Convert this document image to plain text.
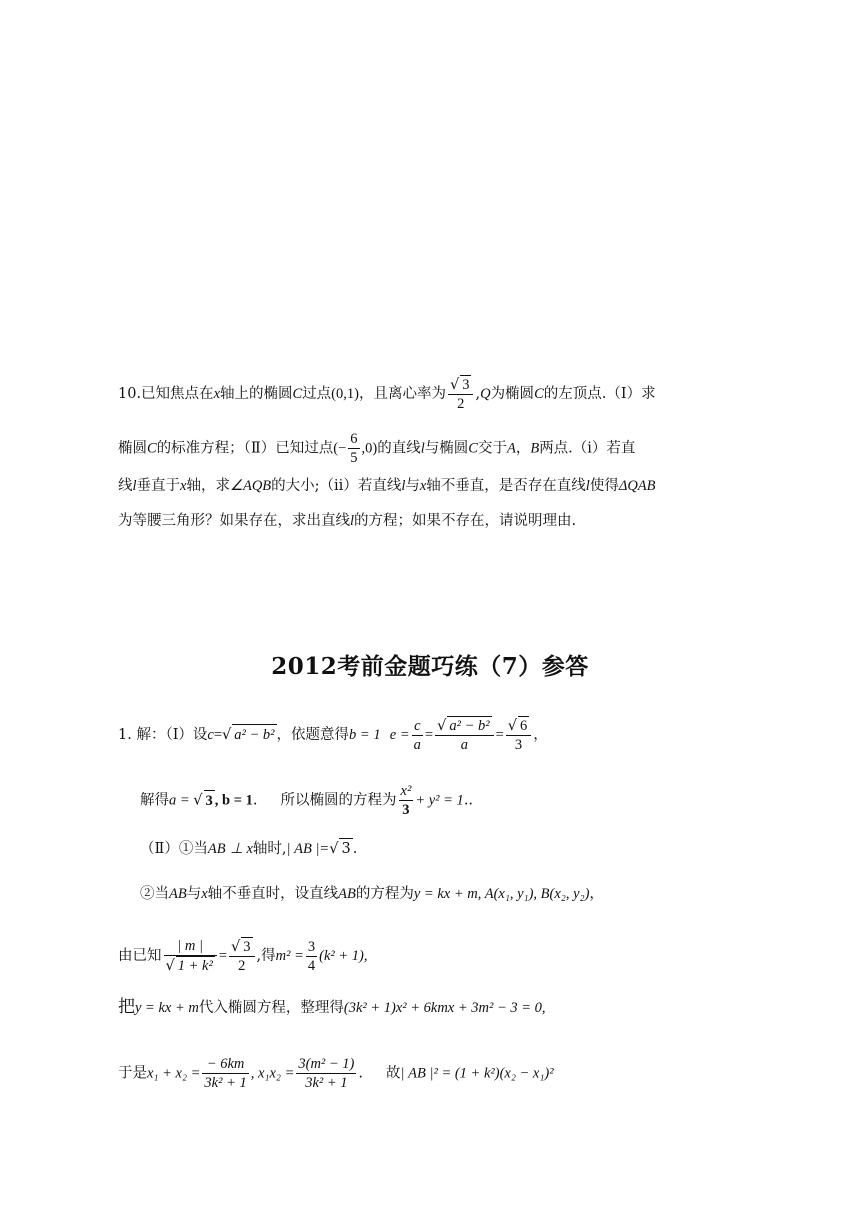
10.已知焦点在x轴上的椭圆C过点(0,1)，且离心率为 $\frac{√ 3}{2} ,Q$为椭圆C的左顶点.（Ⅰ）求
椭圆C的标准方程；（Ⅱ）已知过点(− $\frac{6}{5} ,0$)的直线l与椭圆C交于A，B两点.（ⅰ）若直
线l垂直于x轴，求∠AQB的大小;（ⅱ）若直线l与x轴不垂直，是否存在直线l使得ΔQAB
为等腰三角形？如果存在，求出直线l的方程；如果不存在，请说明理由.
2012考前金题巧练（7）参答
1. 解：（Ⅰ）设c=√ a² − b² ，依题意得b = 1 $e = \frac{c}{a} = \frac{\text{√ a² − b²}}{a} = \frac{√ 6}{3}$ ，
解得a = √ 3 , b = 1. 所以椭圆的方程为 $\frac{\text{x²}}{3} + y^2 = 1$..
（Ⅱ）①当AB ⊥ x轴时,| AB |=√ 3 .
②当AB与x轴不垂直时，设直线AB的方程为y = kx + m, A(x₁, y₁), B(x₂, y₂)，
由已知 $\frac{| m |}{\text{√ 1 + k²}} = \frac{√ 3}{2}$ ,得$m^2 = \frac{3}{4} (k^2 + 1)$,
把y = kx + m代入椭圆方程，整理得(3k² + 1)x² + 6kmx + 3m² − 3 = 0,
于是$x_1 + x_2 = \frac{- 6km}{\text{3k² + 1}}$ , $x_1x_2 = \frac{\text{3(m² − 1)}}{\text{3k² + 1}}$ . 故| AB |² = (1 + k²)(x₂ − x₁)²
